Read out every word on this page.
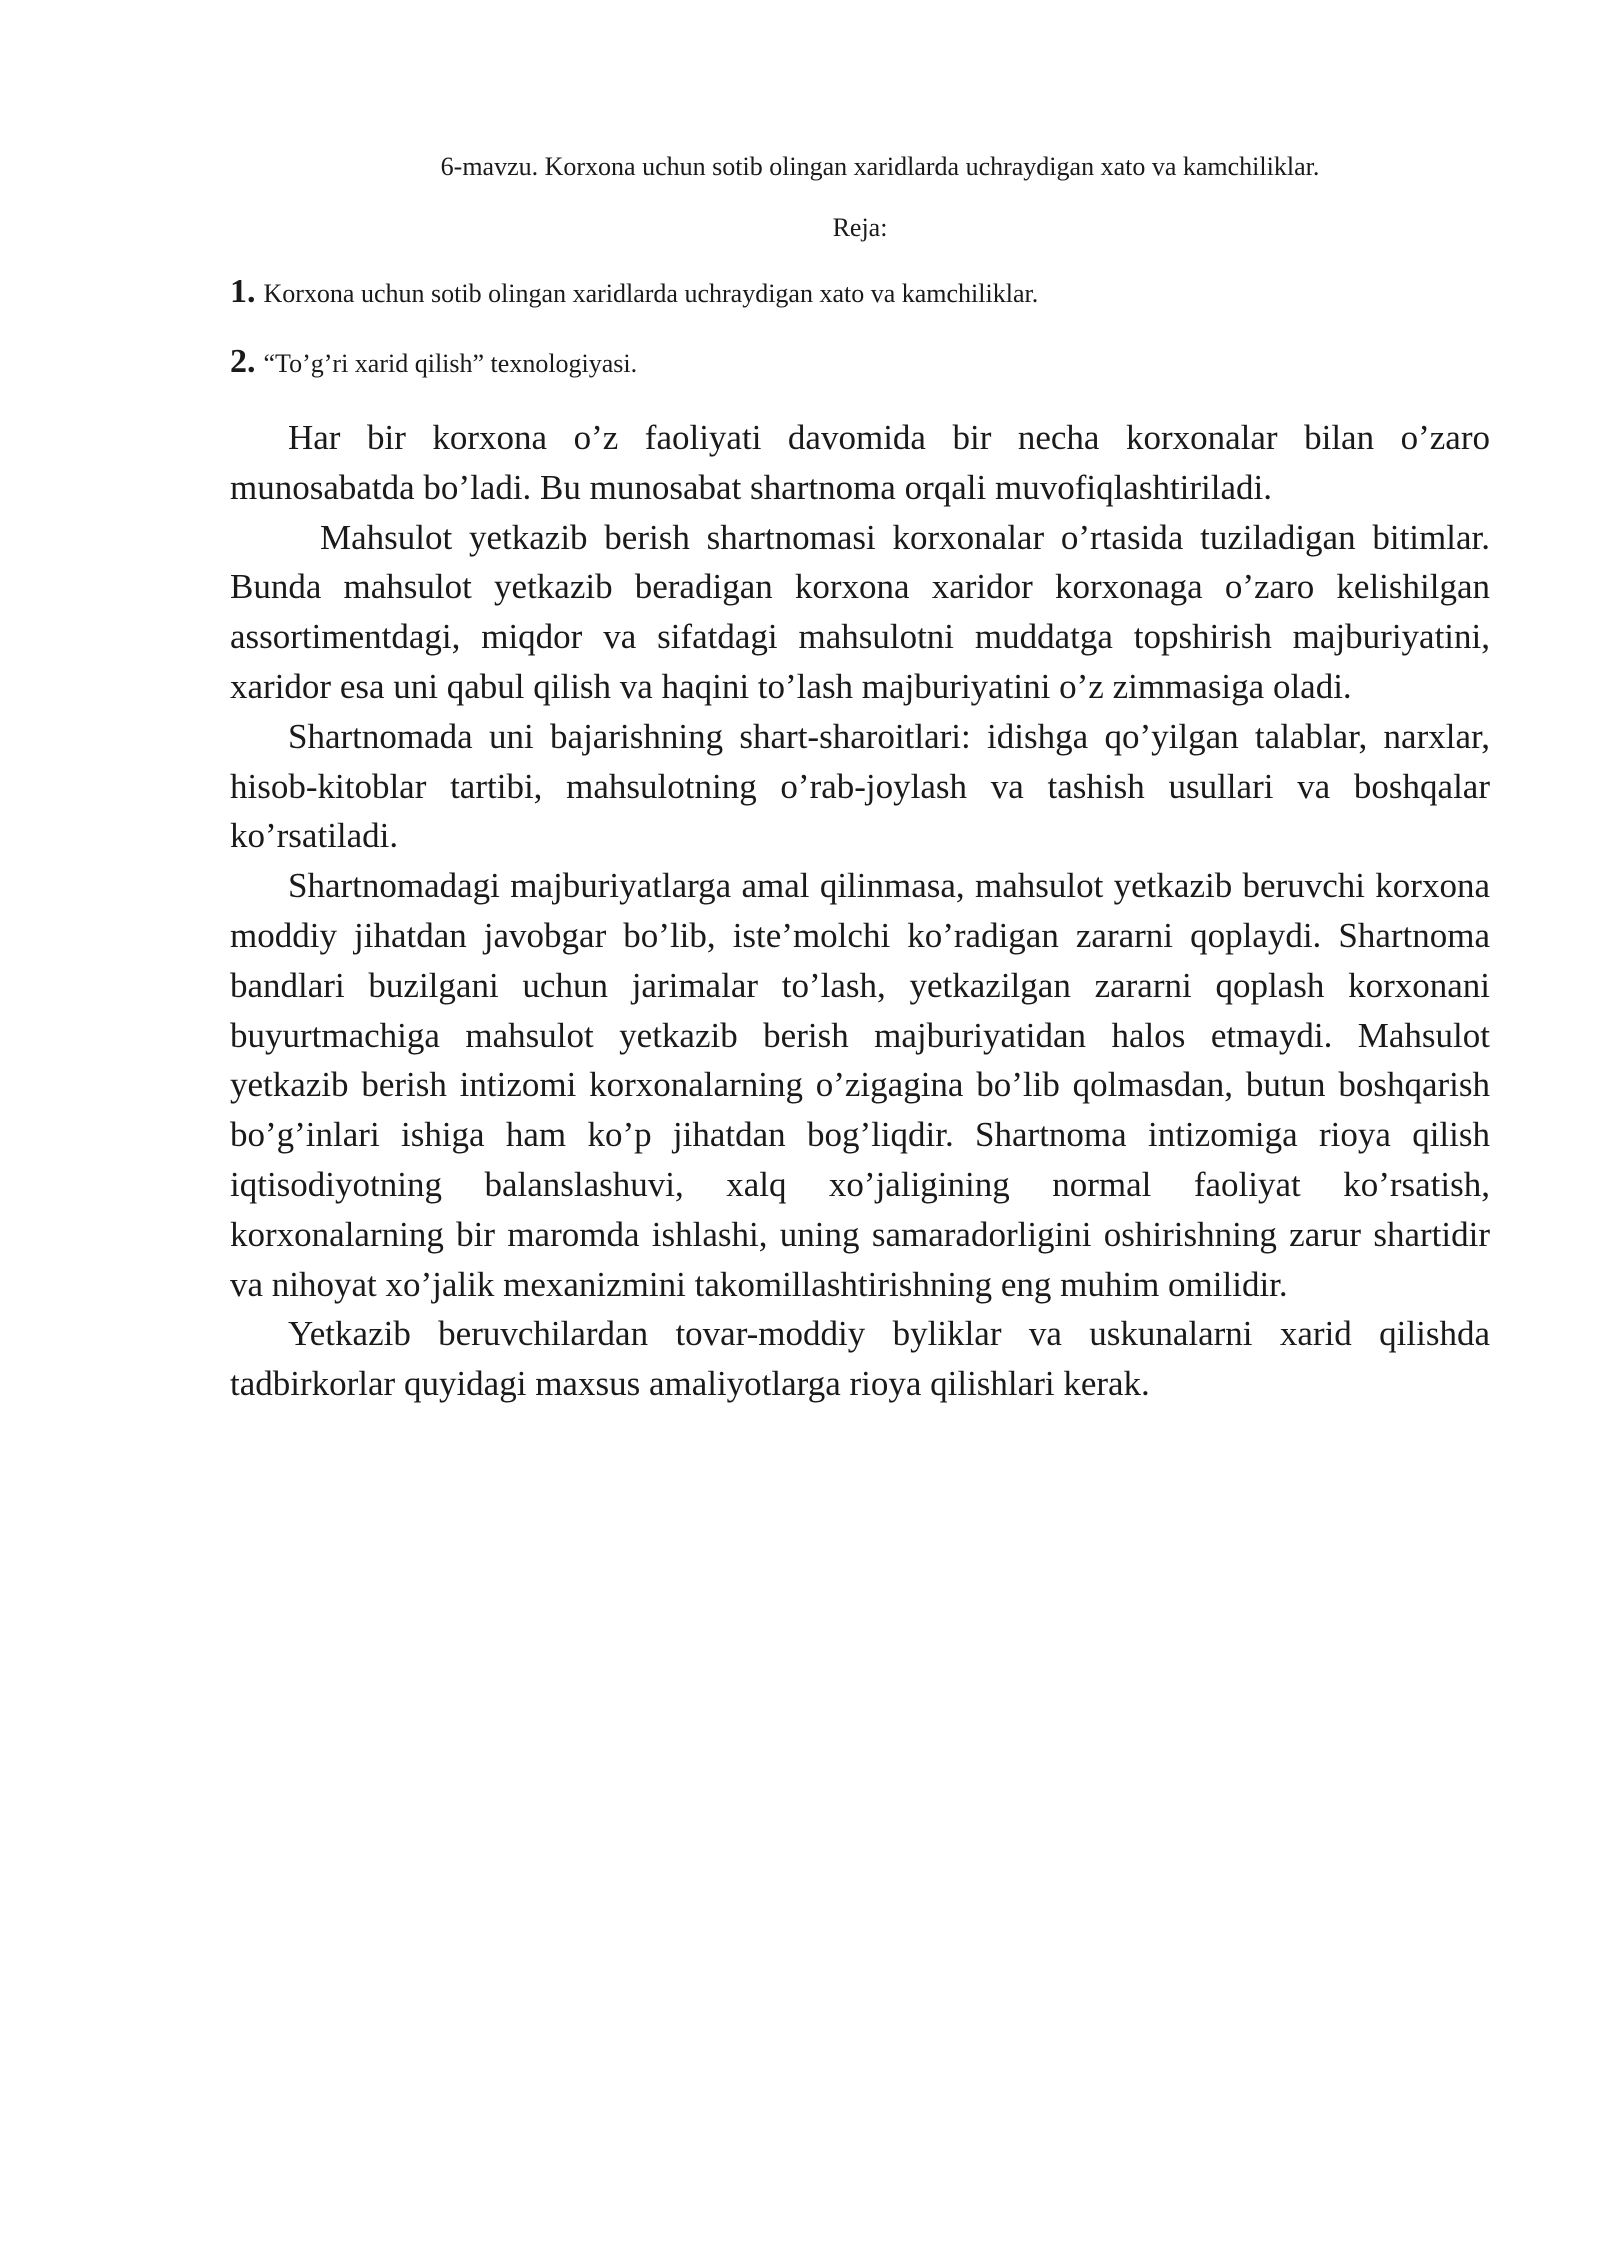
6-mavzu. Korxona uchun sotib olingan xaridlarda uchraydigan xato va kamchiliklar.

Reja:

1. Korxona uchun sotib olingan xaridlarda uchraydigan xato va kamchiliklar.
2. “To’g’ri xarid qilish” texnologiyasi.

Har bir korxona o’z faoliyati davomida bir necha korxonalar bilan o’zaro munosabatda bo’ladi. Bu munosabat shartnoma orqali muvofiqlashtiriladi.

Mahsulot yetkazib berish shartnomasi korxonalar o’rtasida tuziladigan bitimlar. Bunda mahsulot yetkazib beradigan korxona xaridor korxonaga o’zaro kelishilgan assortimentdagi, miqdor va sifatdagi mahsulotni muddatga topshirish majburiyatini, xaridor esa uni qabul qilish va haqini to’lash majburiyatini o’z zimmasiga oladi.

Shartnomada uni bajarishning shart-sharoitlari: idishga qo’yilgan talablar, narxlar, hisob-kitoblar tartibi, mahsulotning o’rab-joylash va tashish usullari va boshqalar ko’rsatiladi.

Shartnomadagi majburiyatlarga amal qilinmasa, mahsulot yetkazib beruvchi korxona moddiy jihatdan javobgar bo’lib, iste’molchi ko’radigan zararni qoplaydi. Shartnoma bandlari buzilgani uchun jarimalar to’lash, yetkazilgan zararni qoplash korxonani buyurtmachiga mahsulot yetkazib berish majburiyatidan halos etmaydi. Mahsulot yetkazib berish intizomi korxonalarning o’zigagina bo’lib qolmasdan, butun boshqarish bo’g’inlari ishiga ham ko’p jihatdan bog’liqdir. Shartnoma intizomiga rioya qilish iqtisodiyotning balanslashuvi, xalq xo’jaligining normal faoliyat ko’rsatish, korxonalarning bir maromda ishlashi, uning samaradorligini oshirishning zarur shartidir va nihoyat xo’jalik mexanizmini takomillashtirishning eng muhim omilidir.

Yetkazib beruvchilardan tovar-moddiy byliklar va uskunalarni xarid qilishda tadbirkorlar quyidagi maxsus amaliyotlarga rioya qilishlari kerak.
